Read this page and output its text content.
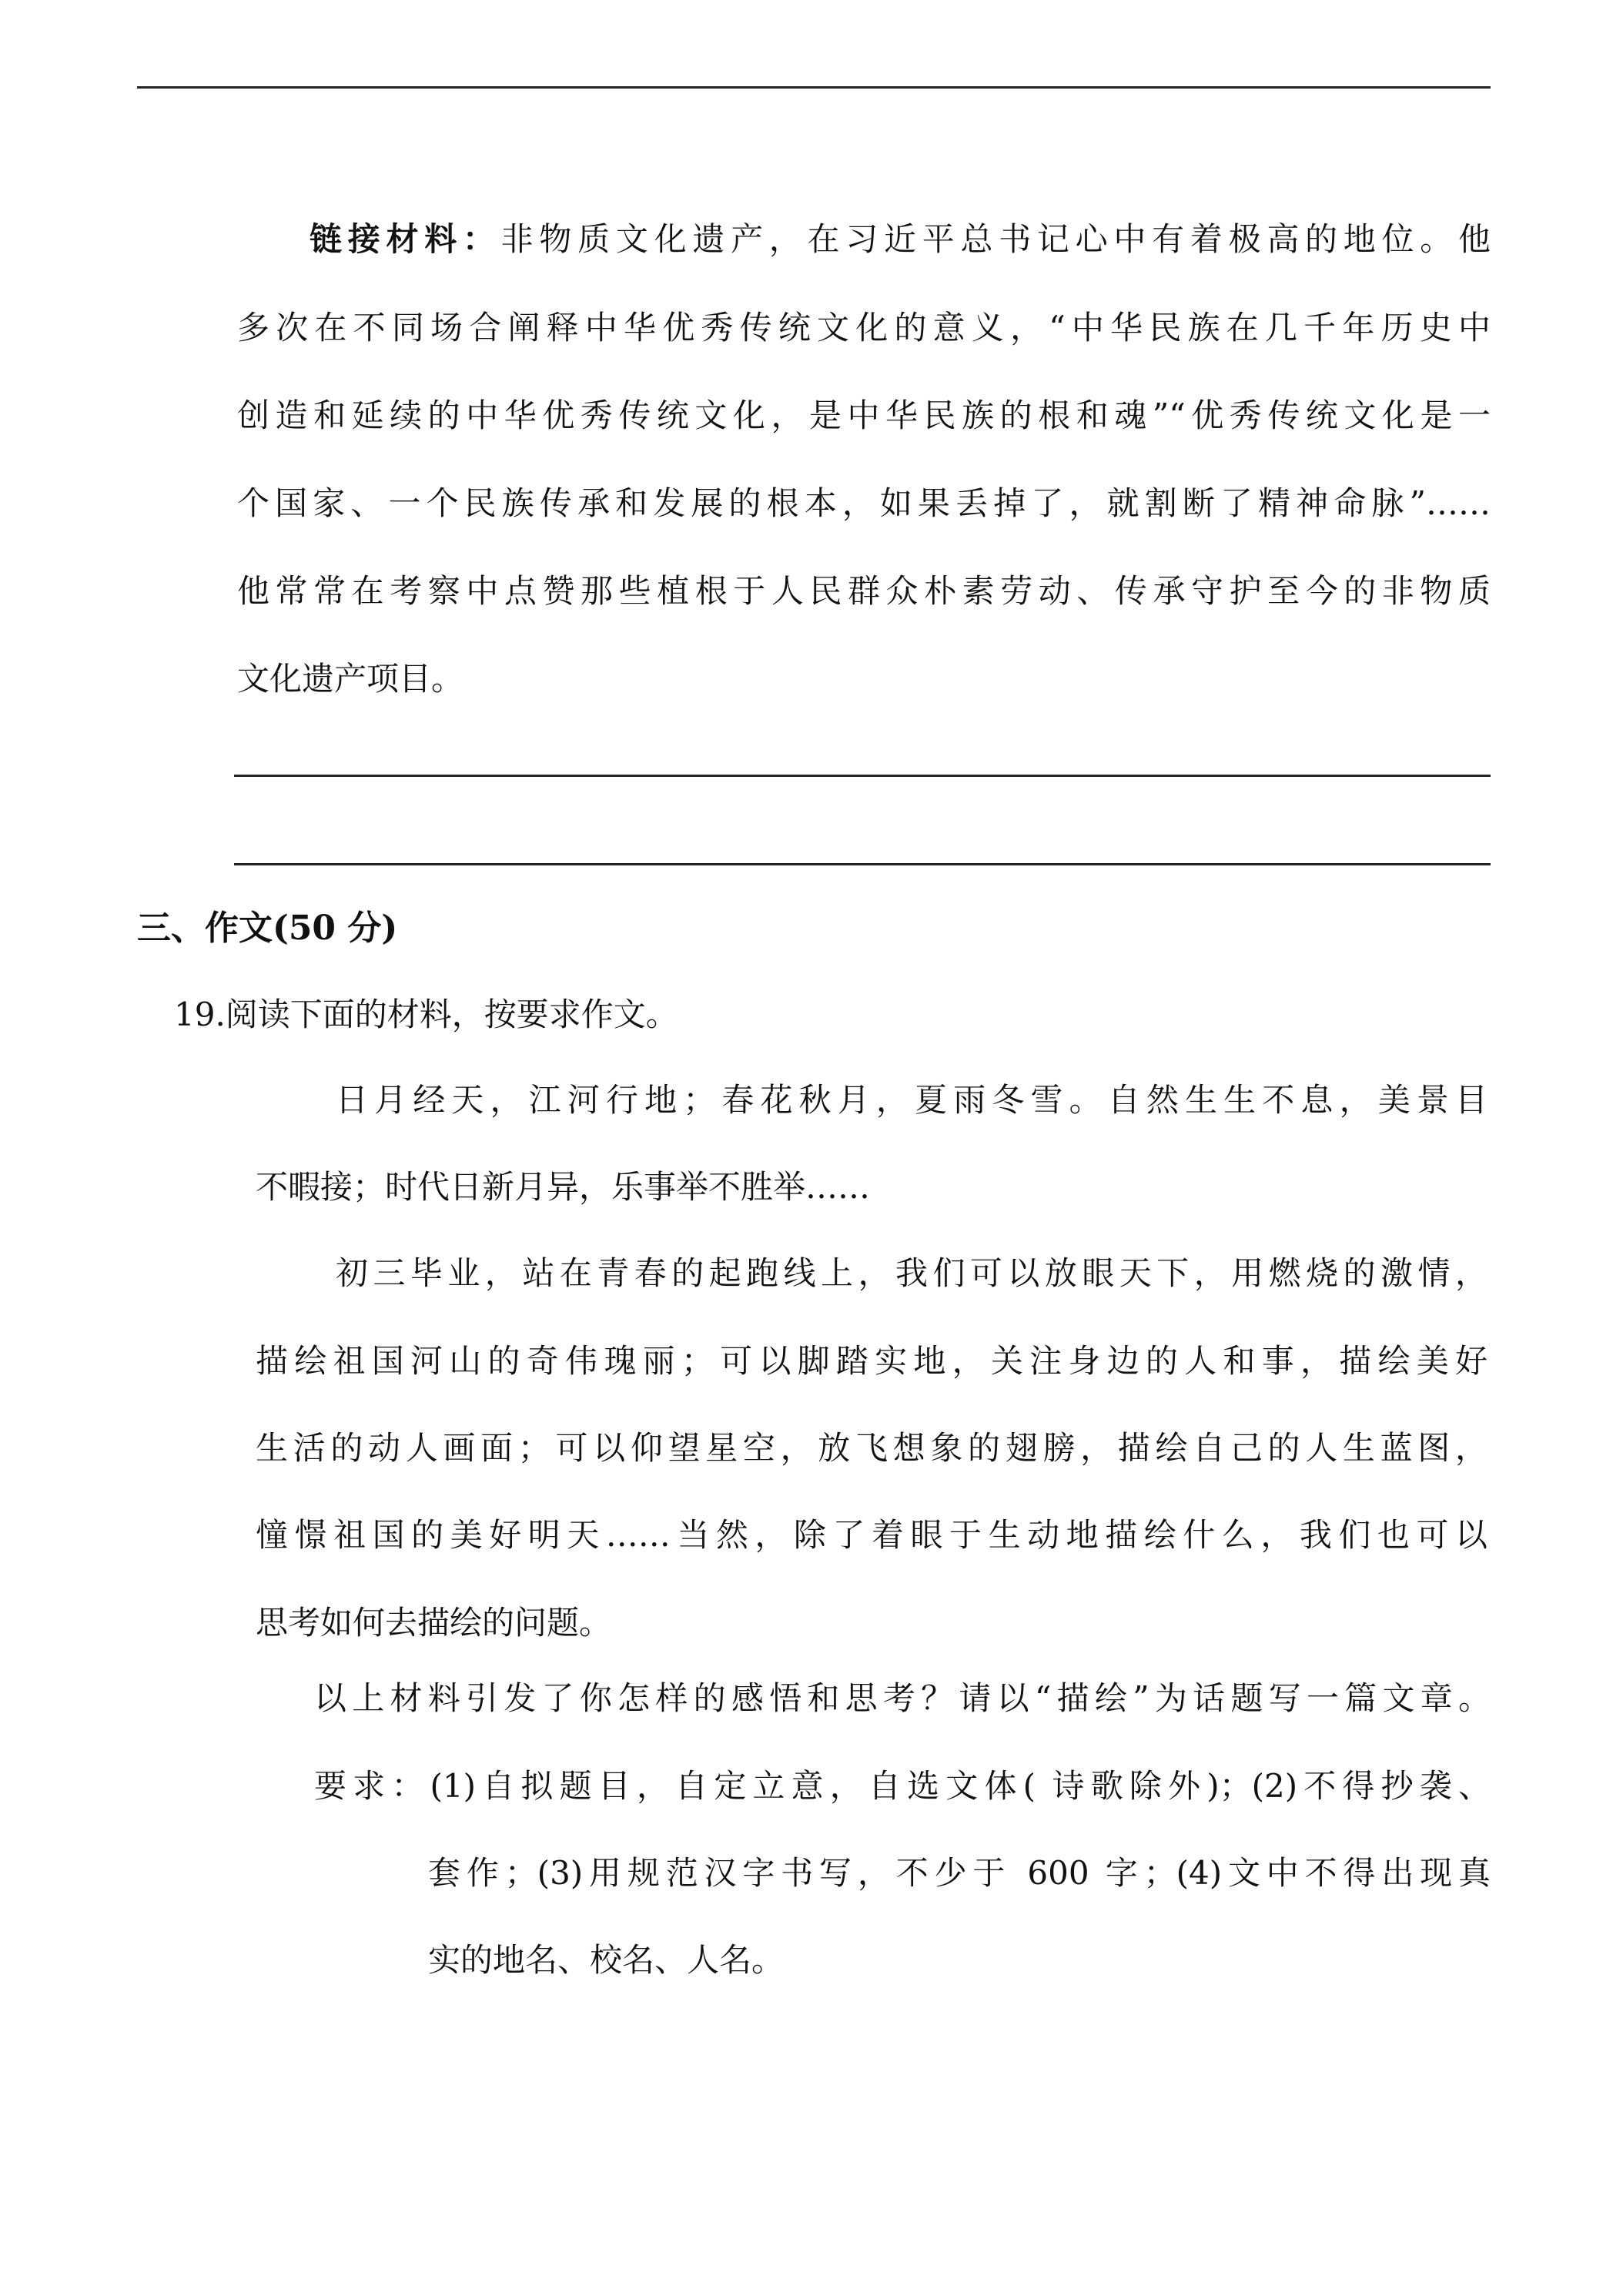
链接材料：非物质文化遗产，在习近平总书记心中有着极高的地位。他
多次在不同场合阐释中华优秀传统文化的意义，“中华民族在几千年历史中
创造和延续的中华优秀传统文化，是中华民族的根和魂”“优秀传统文化是一
个国家、一个民族传承和发展的根本，如果丢掉了，就割断了精神命脉”……
他常常在考察中点赞那些植根于人民群众朴素劳动、传承守护至今的非物质
文化遗产项目。
三、作文(50 分)
19.阅读下面的材料，按要求作文。
日月经天，江河行地；春花秋月，夏雨冬雪。自然生生不息，美景目
不暇接；时代日新月异，乐事举不胜举……
初三毕业，站在青春的起跑线上，我们可以放眼天下，用燃烧的激情，
描绘祖国河山的奇伟瑰丽；可以脚踏实地，关注身边的人和事，描绘美好
生活的动人画面；可以仰望星空，放飞想象的翅膀，描绘自己的人生蓝图，
憧憬祖国的美好明天……当然，除了着眼于生动地描绘什么，我们也可以
思考如何去描绘的问题。
以上材料引发了你怎样的感悟和思考？请以“描绘”为话题写一篇文章。
要求：(1)自拟题目，自定立意，自选文体( 诗歌除外)；(2)不得抄袭、
套作；(3)用规范汉字书写，不少于 600 字；(4)文中不得出现真
实的地名、校名、人名。
